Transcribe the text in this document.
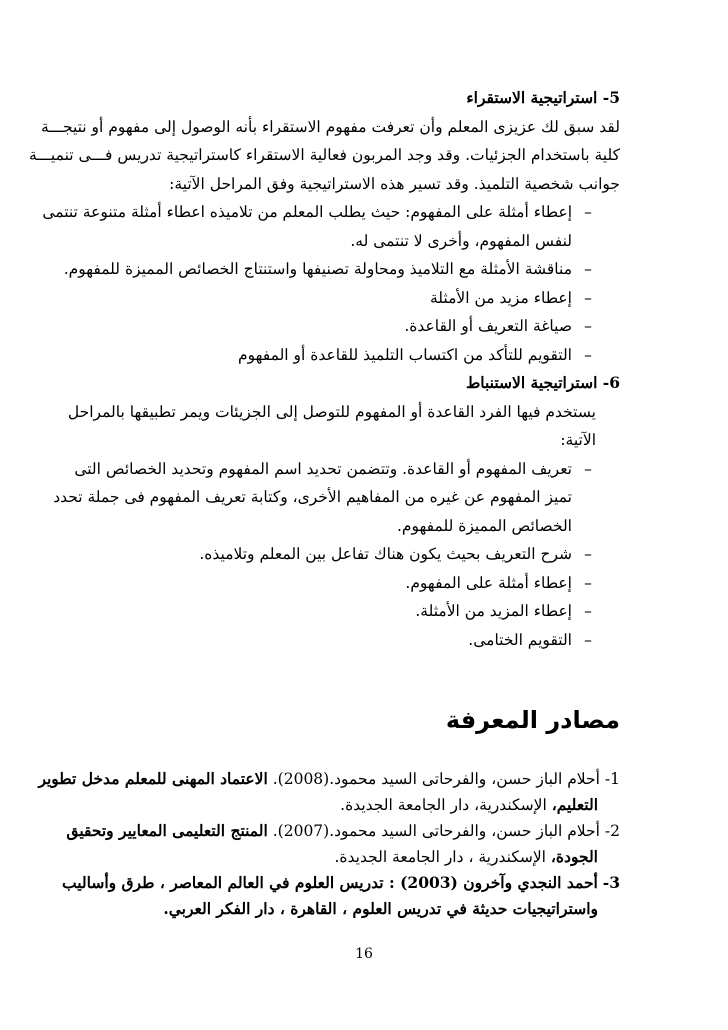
5- استراتيجية الاستقراء
لقد سبق لك عزيزى المعلم وأن تعرفت مفهوم الاستقراء بأنه الوصول إلى مفهوم أو نتيجـــة
كلية باستخدام الجزئيات. وقد وجد المربون فعالية الاستقراء كاستراتيجية تدريس فـــى تنميـــة
جوانب شخصية التلميذ. وقد تسير هذه الاستراتيجية وفق المراحل الآتية:
–
إعطاء أمثلة على المفهوم: حيث يطلب المعلم من تلاميذه اعطاء أمثلة متنوعة تنتمى
لنفس المفهوم، وأخرى لا تنتمى له.
–
مناقشة الأمثلة مع التلاميذ ومحاولة تصنيفها واستنتاج الخصائص المميزة للمفهوم.
–
إعطاء مزيد من الأمثلة
–
صياغة التعريف أو القاعدة.
–
التقويم للتأكد من اكتساب التلميذ للقاعدة أو المفهوم
6- استراتيجية الاستنباط
يستخدم فيها الفرد القاعدة أو المفهوم للتوصل إلى الجزيئات ويمر تطبيقها بالمراحل
الآتية:
–
تعريف المفهوم أو القاعدة. وتتضمن تحديد اسم المفهوم وتحديد الخصائص التى
تميز المفهوم عن غيره من المفاهيم الأخرى، وكتابة تعريف المفهوم فى جملة تحدد
الخصائص المميزة للمفهوم.
–
شرح التعريف بحيث يكون هناك تفاعل بين المعلم وتلاميذه.
–
إعطاء أمثلة على المفهوم.
–
إعطاء المزيد من الأمثلة.
–
التقويم الختامى.
مصادر المعرفة
1- أحلام الباز حسن، والفرحاتى السيد محمود.(2008). الاعتماد المهنى للمعلم مدخل تطوير
التعليم، الإسكندرية، دار الجامعة الجديدة.
2- أحلام الباز حسن، والفرحاتى السيد محمود.(2007). المنتج التعليمى المعايير وتحقيق
الجودة، الإسكندرية ، دار الجامعة الجديدة.
3- أحمد النجدي وآخرون (2003) : تدريس العلوم في العالم المعاصر ، طرق وأساليب
واستراتيجيات حديثة في تدريس العلوم ، القاهرة ، دار الفكر العربي.
16
